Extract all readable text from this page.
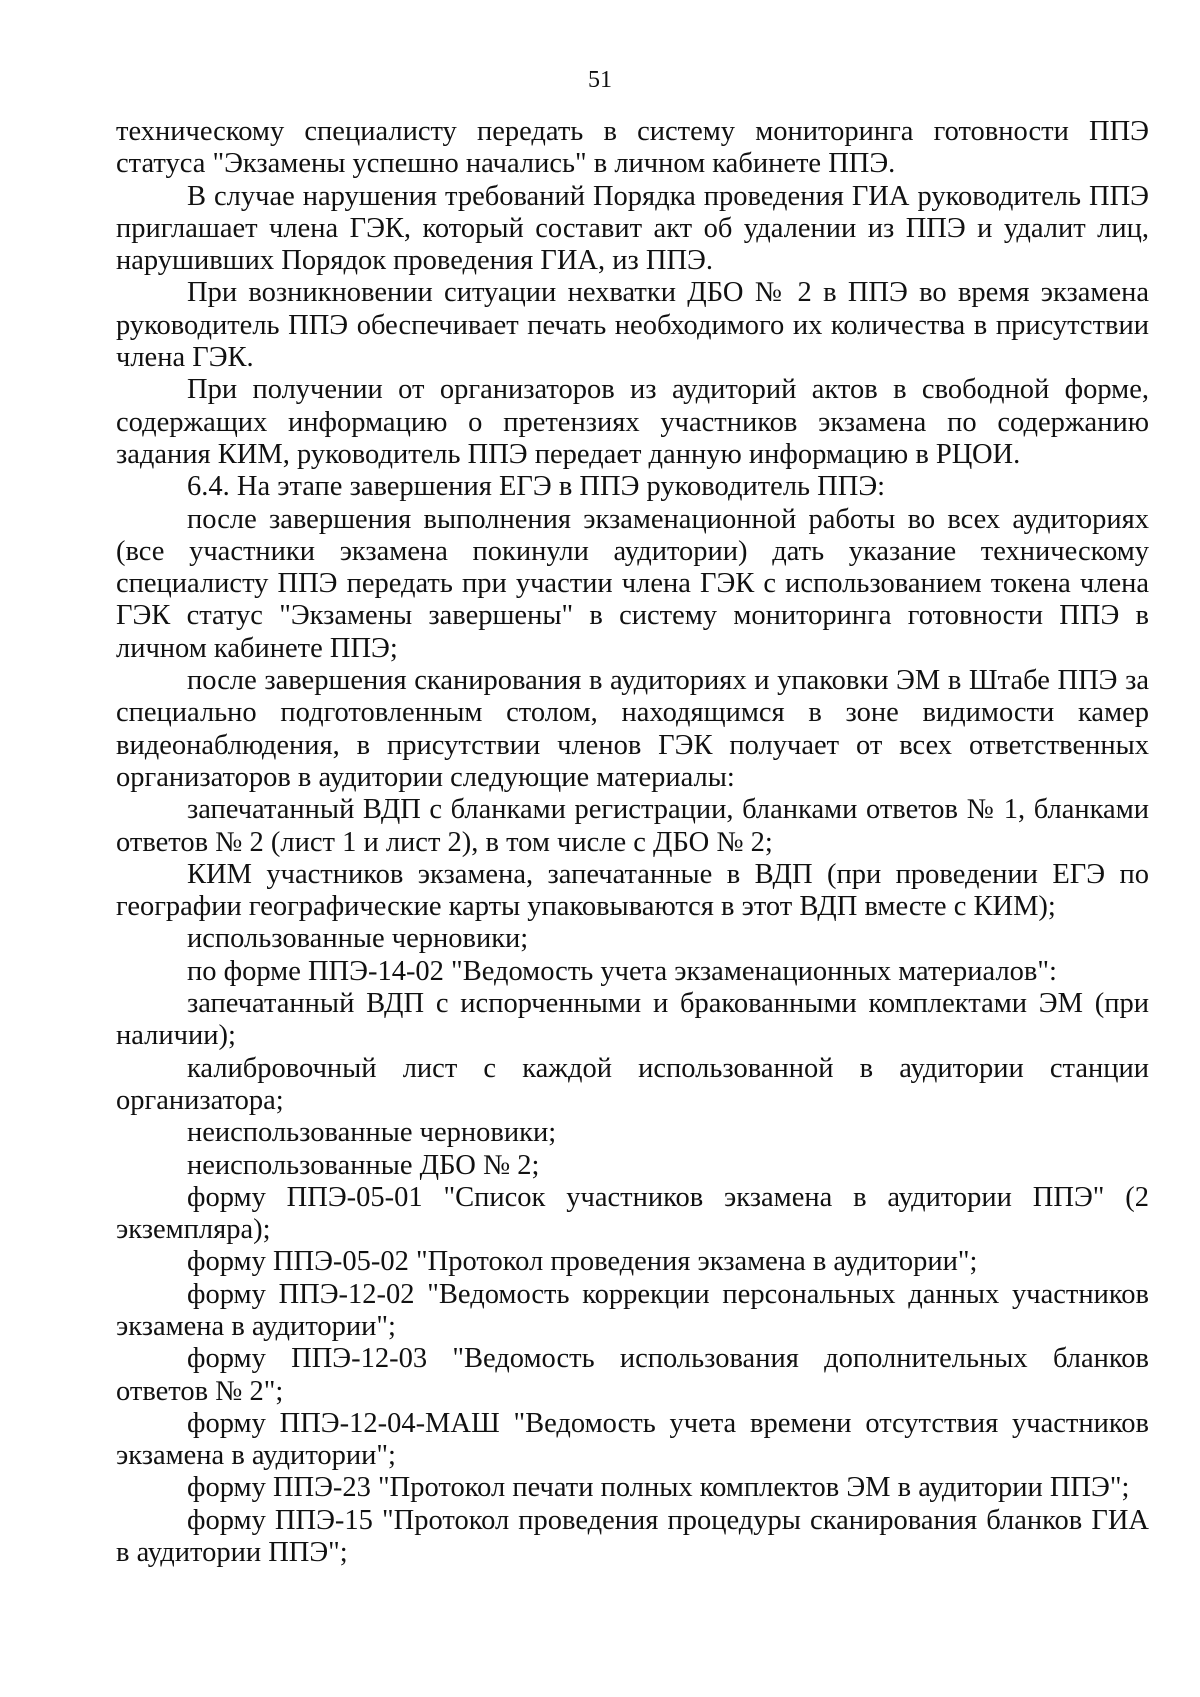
51

техническому специалисту передать в систему мониторинга готовности ППЭ статуса "Экзамены успешно начались" в личном кабинете ППЭ.

В случае нарушения требований Порядка проведения ГИА руководитель ППЭ приглашает члена ГЭК, который составит акт об удалении из ППЭ и удалит лиц, нарушивших Порядок проведения ГИА, из ППЭ.

При возникновении ситуации нехватки ДБО № 2 в ППЭ во время экзамена руководитель ППЭ обеспечивает печать необходимого их количества в присутствии члена ГЭК.

При получении от организаторов из аудиторий актов в свободной форме, содержащих информацию о претензиях участников экзамена по содержанию задания КИМ, руководитель ППЭ передает данную информацию в РЦОИ.

6.4. На этапе завершения ЕГЭ в ППЭ руководитель ППЭ:

после завершения выполнения экзаменационной работы во всех аудиториях (все участники экзамена покинули аудитории) дать указание техническому специалисту ППЭ передать при участии члена ГЭК с использованием токена члена ГЭК статус "Экзамены завершены" в систему мониторинга готовности ППЭ в личном кабинете ППЭ;

после завершения сканирования в аудиториях и упаковки ЭМ в Штабе ППЭ за специально подготовленным столом, находящимся в зоне видимости камер видеонаблюдения, в присутствии членов ГЭК получает от всех ответственных организаторов в аудитории следующие материалы:

запечатанный ВДП с бланками регистрации, бланками ответов № 1, бланками ответов № 2 (лист 1 и лист 2), в том числе с ДБО № 2;

КИМ участников экзамена, запечатанные в ВДП (при проведении ЕГЭ по географии географические карты упаковываются в этот ВДП вместе с КИМ);

использованные черновики;

по форме ППЭ-14-02 "Ведомость учета экзаменационных материалов":

запечатанный ВДП с испорченными и бракованными комплектами ЭМ (при наличии);

калибровочный лист с каждой использованной в аудитории станции организатора;

неиспользованные черновики;

неиспользованные ДБО № 2;

форму ППЭ-05-01 "Список участников экзамена в аудитории ППЭ" (2 экземпляра);

форму ППЭ-05-02 "Протокол проведения экзамена в аудитории";

форму ППЭ-12-02 "Ведомость коррекции персональных данных участников экзамена в аудитории";

форму ППЭ-12-03 "Ведомость использования дополнительных бланков ответов № 2";

форму ППЭ-12-04-МАШ "Ведомость учета времени отсутствия участников экзамена в аудитории";

форму ППЭ-23 "Протокол печати полных комплектов ЭМ в аудитории ППЭ";

форму ППЭ-15 "Протокол проведения процедуры сканирования бланков ГИА в аудитории ППЭ";
